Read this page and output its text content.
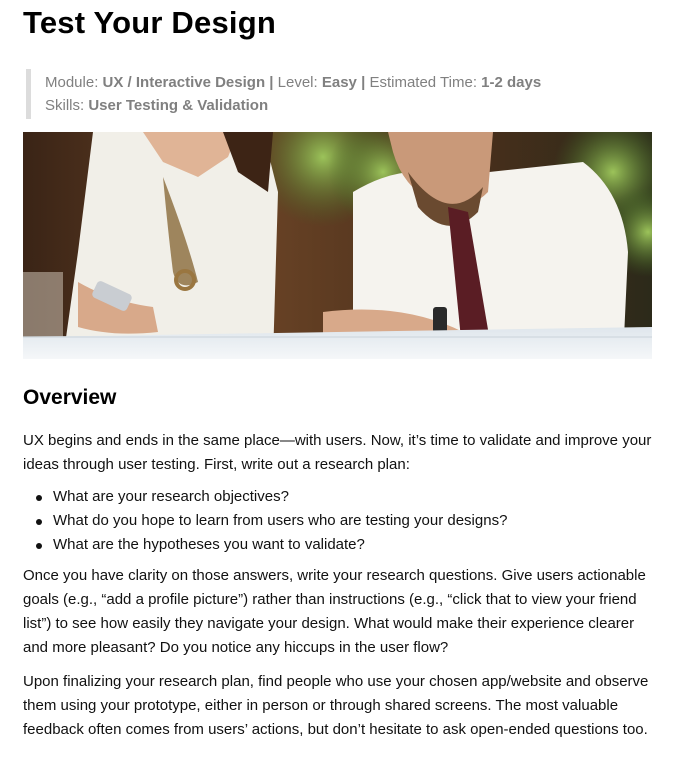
Test Your Design
Module: UX / Interactive Design | Level: Easy | Estimated Time: 1-2 days
Skills: User Testing & Validation
Overview

UX begins and ends in the same place—with users. Now, it’s time to validate and improve your ideas through user testing. First, write out a research plan:

What are your research objectives?
What do you hope to learn from users who are testing your designs?
What are the hypotheses you want to validate?

Once you have clarity on those answers, write your research questions. Give users actionable goals (e.g., “add a profile picture”) rather than instructions (e.g., “click that to view your friend list”) to see how easily they navigate your design. What would make their experience clearer and more pleasant? Do you notice any hiccups in the user flow?

Upon finalizing your research plan, find people who use your chosen app/website and observe them using your prototype, either in person or through shared screens. The most valuable feedback often comes from users’ actions, but don’t hesitate to ask open-ended questions too.
